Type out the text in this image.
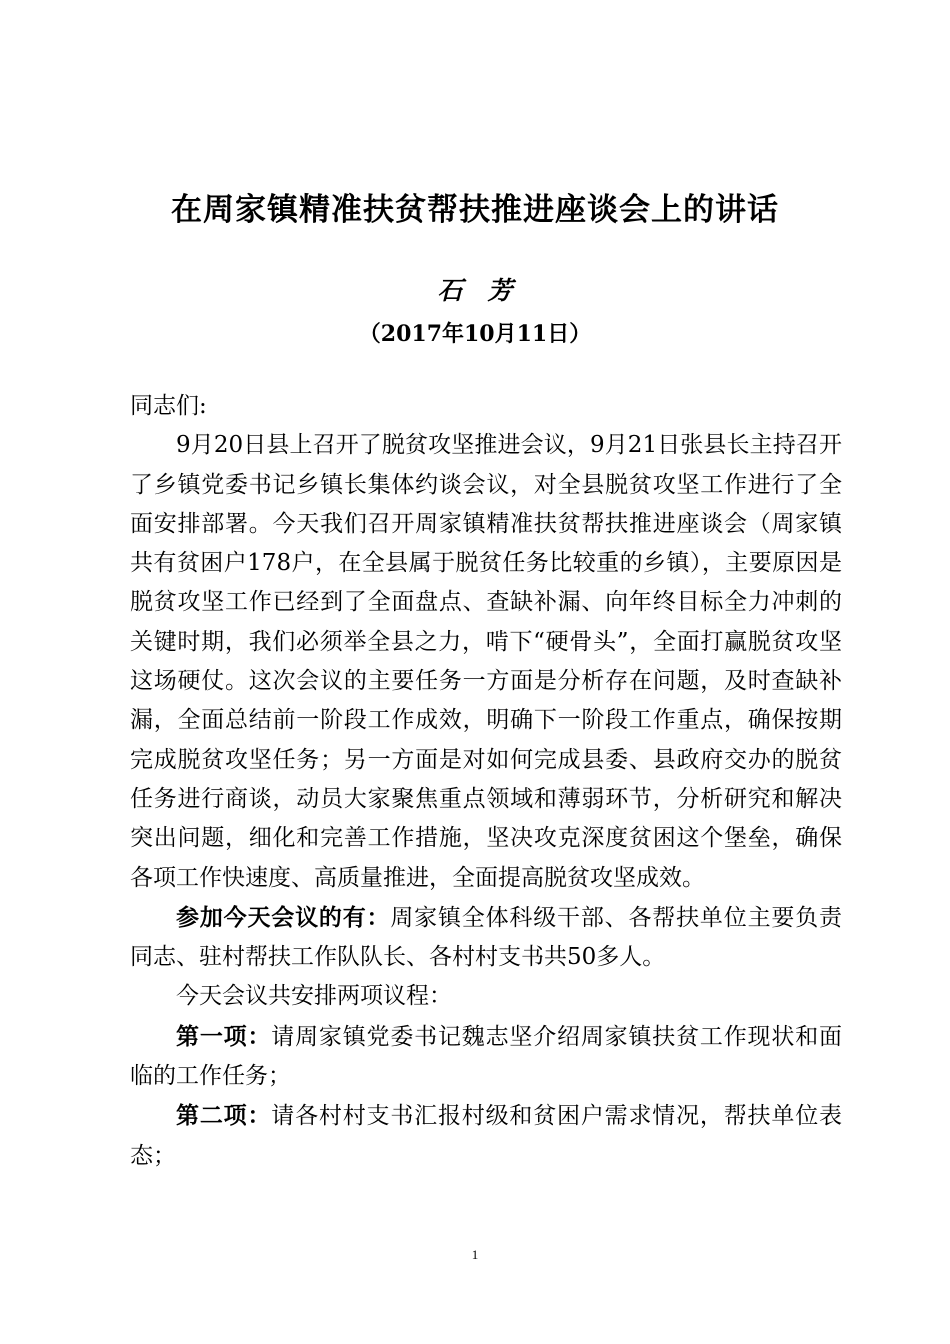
在周家镇精准扶贫帮扶推进座谈会上的讲话
石　芳
（2017年10月11日）

同志们:

9月20日县上召开了脱贫攻坚推进会议，9月21日张县长主持召开了乡镇党委书记乡镇长集体约谈会议，对全县脱贫攻坚工作进行了全面安排部署。今天我们召开周家镇精准扶贫帮扶推进座谈会（周家镇共有贫困户178户，在全县属于脱贫任务比较重的乡镇），主要原因是脱贫攻坚工作已经到了全面盘点、查缺补漏、向年终目标全力冲刺的关键时期，我们必须举全县之力，啃下“硬骨头”，全面打赢脱贫攻坚这场硬仗。这次会议的主要任务一方面是分析存在问题，及时查缺补漏，全面总结前一阶段工作成效，明确下一阶段工作重点，确保按期完成脱贫攻坚任务；另一方面是对如何完成县委、县政府交办的脱贫任务进行商谈，动员大家聚焦重点领域和薄弱环节，分析研究和解决突出问题，细化和完善工作措施，坚决攻克深度贫困这个堡垒，确保各项工作快速度、高质量推进，全面提高脱贫攻坚成效。

参加今天会议的有：周家镇全体科级干部、各帮扶单位主要负责同志、驻村帮扶工作队队长、各村村支书共50多人。

今天会议共安排两项议程：

第一项：请周家镇党委书记魏志坚介绍周家镇扶贫工作现状和面临的工作任务；

第二项：请各村村支书汇报村级和贫困户需求情况，帮扶单位表态；

1
